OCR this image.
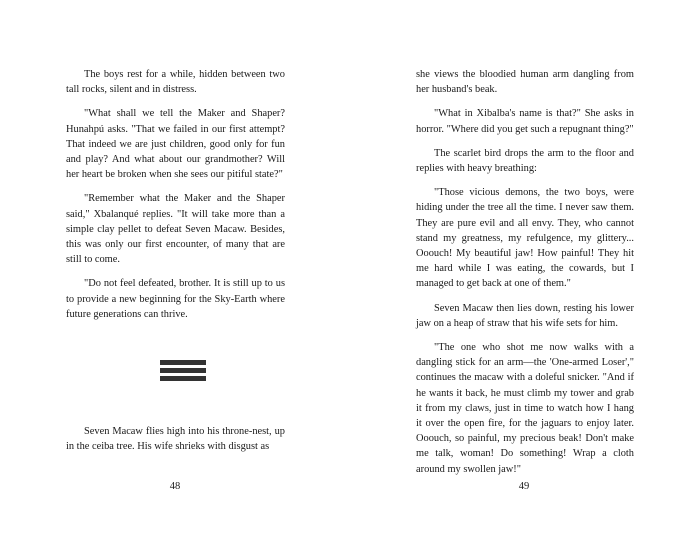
The boys rest for a while, hidden between two tall rocks, silent and in distress.

"What shall we tell the Maker and Shaper? Hunahpú asks. "That we failed in our first attempt? That indeed we are just children, good only for fun and play? And what about our grandmother? Will her heart be broken when she sees our pitiful state?"

"Remember what the Maker and the Shaper said," Xbalanqué replies. "It will take more than a simple clay pellet to defeat Seven Macaw. Besides, this was only our first encounter, of many that are still to come.

"Do not feel defeated, brother. It is still up to us to provide a new beginning for the Sky-Earth where future generations can thrive.

Seven Macaw flies high into his throne-nest, up in the ceiba tree. His wife shrieks with disgust as

48

she views the bloodied human arm dangling from her husband's beak.

"What in Xibalba's name is that?" She asks in horror. "Where did you get such a repugnant thing?"

The scarlet bird drops the arm to the floor and replies with heavy breathing:

"Those vicious demons, the two boys, were hiding under the tree all the time. I never saw them. They are pure evil and all envy. They, who cannot stand my greatness, my refulgence, my glittery... Ooouch! My beautiful jaw! How painful! They hit me hard while I was eating, the cowards, but I managed to get back at one of them."

Seven Macaw then lies down, resting his lower jaw on a heap of straw that his wife sets for him.

"The one who shot me now walks with a dangling stick for an arm—the 'One-armed Loser'," continues the macaw with a doleful snicker. "And if he wants it back, he must climb my tower and grab it from my claws, just in time to watch how I hang it over the open fire, for the jaguars to enjoy later. Ooouch, so painful, my precious beak! Don't make me talk, woman! Do something! Wrap a cloth around my swollen jaw!"

49
